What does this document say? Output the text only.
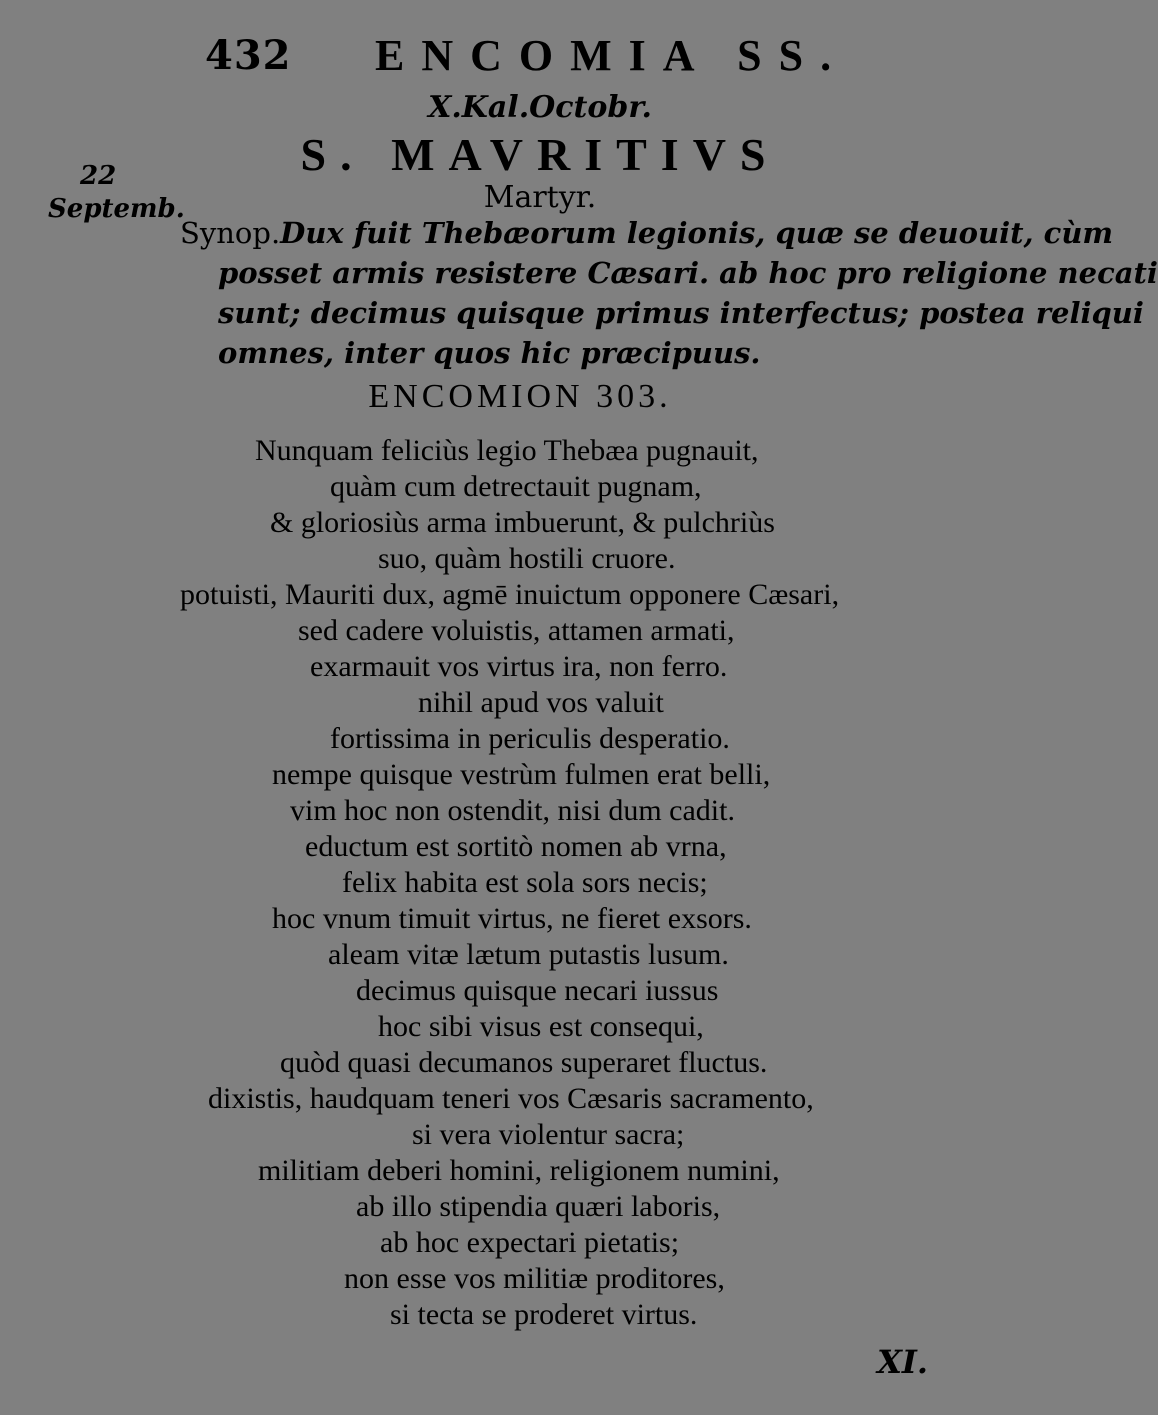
432 ENCOMIA SS.
X.Kal.Octobr.
S. MAVRITIVS
Martyr.
22
Septemb.
Synop.Dux fuit Thebæorum legionis, quæ se deuouit, cùm
posset armis resistere Cæsari. ab hoc pro religione necati
sunt; decimus quisque primus interfectus; postea reliqui
omnes, inter quos hic præcipuus.
ENCOMION 303.
Nunquam feliciùs legio Thebæa pugnauit,
quàm cum detrectauit pugnam,
& gloriosiùs arma imbuerunt, & pulchriùs
suo, quàm hostili cruore.
potuisti, Mauriti dux, agmē inuictum opponere Cæsari,
sed cadere voluistis, attamen armati,
exarmauit vos virtus ira, non ferro.
nihil apud vos valuit
fortissima in periculis desperatio.
nempe quisque vestrùm fulmen erat belli,
vim hoc non ostendit, nisi dum cadit.
eductum est sortitò nomen ab vrna,
felix habita est sola sors necis;
hoc vnum timuit virtus, ne fieret exsors.
aleam vitæ lætum putastis lusum.
decimus quisque necari iussus
hoc sibi visus est consequi,
quòd quasi decumanos superaret fluctus.
dixistis, haudquam teneri vos Cæsaris sacramento,
si vera violentur sacra;
militiam deberi homini, religionem numini,
ab illo stipendia quæri laboris,
ab hoc expectari pietatis;
non esse vos militiæ proditores,
si tecta se proderet virtus.
XI.
